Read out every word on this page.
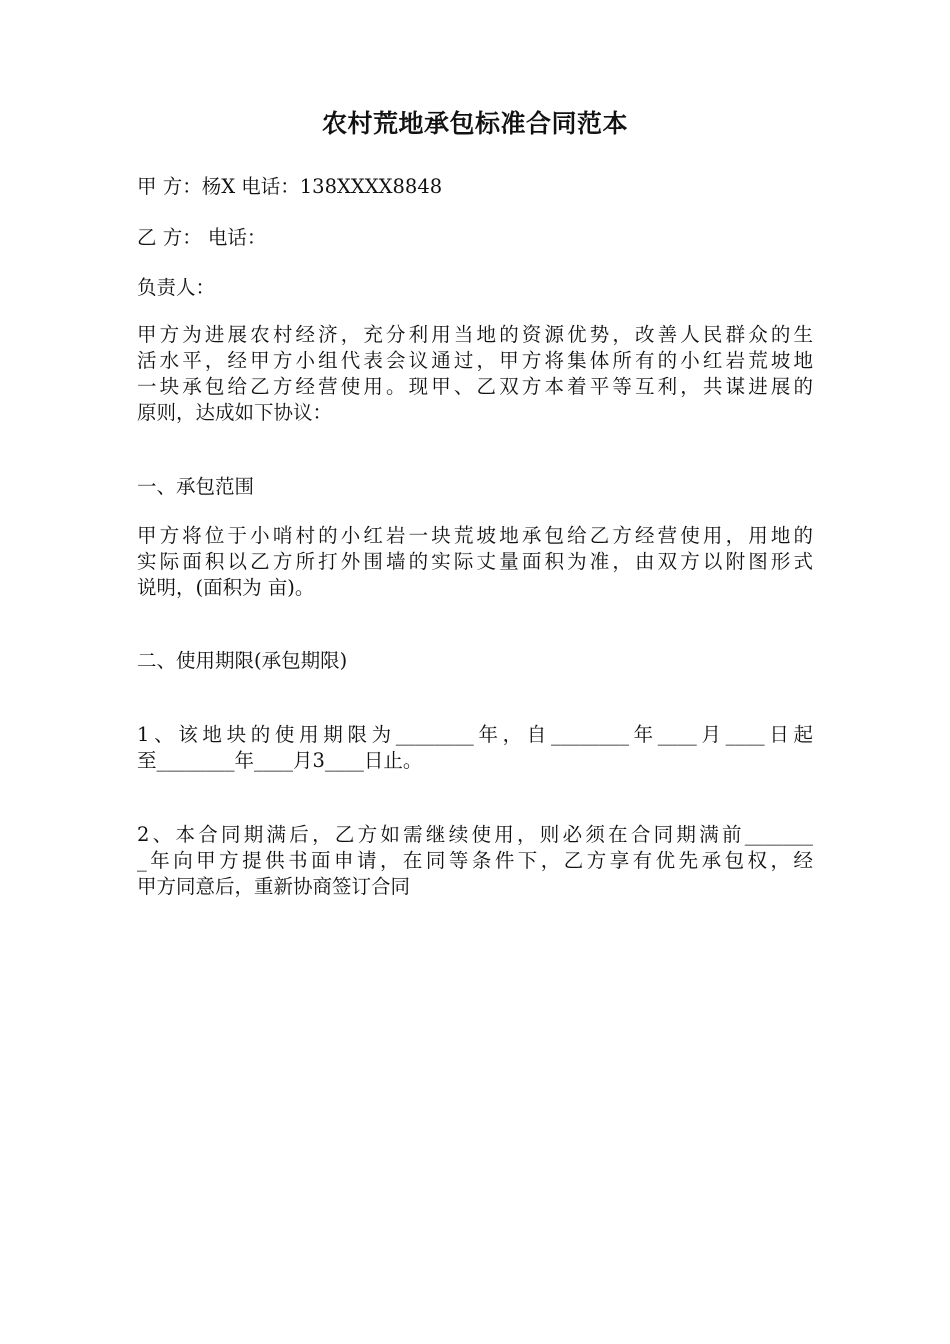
农村荒地承包标准合同范本
甲 方：杨X 电话：138XXXX8848
乙 方： 电话：
负责人：
甲方为进展农村经济，充分利用当地的资源优势，改善人民群众的生
活水平，经甲方小组代表会议通过，甲方将集体所有的小红岩荒坡地
一块承包给乙方经营使用。现甲、乙双方本着平等互利，共谋进展的
原则，达成如下协议：
一、承包范围
甲方将位于小哨村的小红岩一块荒坡地承包给乙方经营使用，用地的
实际面积以乙方所打外围墙的实际丈量面积为准，由双方以附图形式
说明，(面积为 亩)。
二、使用期限(承包期限)
1、该地块的使用期限为________年，自________年____月____日起
至________年____月3____日止。
2、本合同期满后，乙方如需继续使用，则必须在合同期满前_______
_年向甲方提供书面申请，在同等条件下，乙方享有优先承包权，经
甲方同意后，重新协商签订合同
